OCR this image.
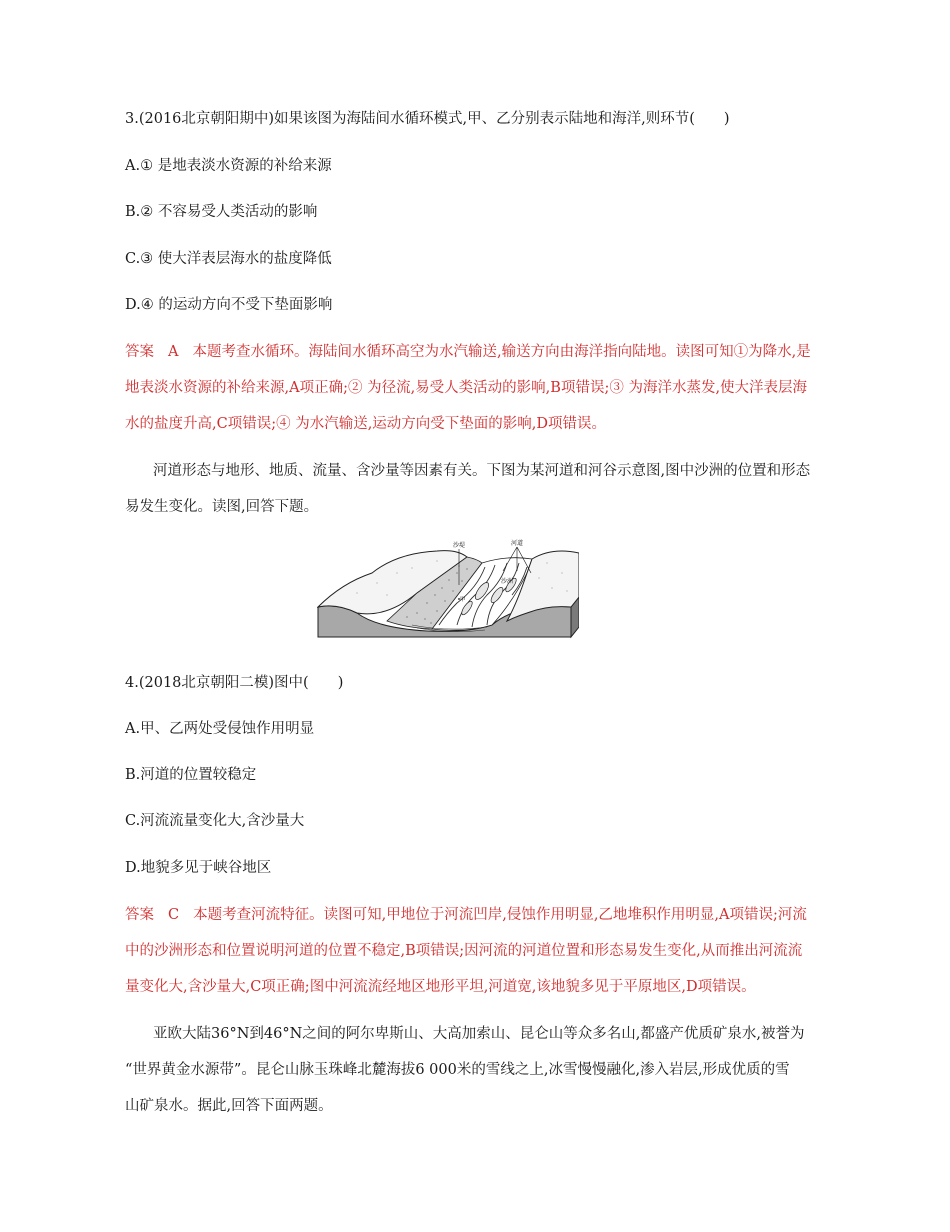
3.(2016北京朝阳期中)如果该图为海陆间水循环模式,甲、乙分别表示陆地和海洋,则环节(　　)
A.① 是地表淡水资源的补给来源
B.② 不容易受人类活动的影响
C.③ 使大洋表层海水的盐度降低
D.④ 的运动方向不受下垫面影响
答案 A 本题考查水循环。海陆间水循环高空为水汽输送,输送方向由海洋指向陆地。读图可知①为降水,是
地表淡水资源的补给来源,A项正确;② 为径流,易受人类活动的影响,B项错误;③ 为海洋水蒸发,使大洋表层海
水的盐度升高,C项错误;④ 为水汽输送,运动方向受下垫面的影响,D项错误。
河道形态与地形、地质、流量、含沙量等因素有关。下图为某河道和河谷示意图,图中沙洲的位置和形态
易发生变化。读图,回答下题。
沙堤	河道
沙洲
甲
4.(2018北京朝阳二模)图中(　　)
A.甲、乙两处受侵蚀作用明显
B.河道的位置较稳定
C.河流流量变化大,含沙量大
D.地貌多见于峡谷地区
答案 C 本题考查河流特征。读图可知,甲地位于河流凹岸,侵蚀作用明显,乙地堆积作用明显,A项错误;河流
中的沙洲形态和位置说明河道的位置不稳定,B项错误;因河流的河道位置和形态易发生变化,从而推出河流流
量变化大,含沙量大,C项正确;图中河流流经地区地形平坦,河道宽,该地貌多见于平原地区,D项错误。
亚欧大陆36°N到46°N之间的阿尔卑斯山、大高加索山、昆仑山等众多名山,都盛产优质矿泉水,被誉为
“世界黄金水源带”。昆仑山脉玉珠峰北麓海拔6 000米的雪线之上,冰雪慢慢融化,渗入岩层,形成优质的雪
山矿泉水。据此,回答下面两题。
